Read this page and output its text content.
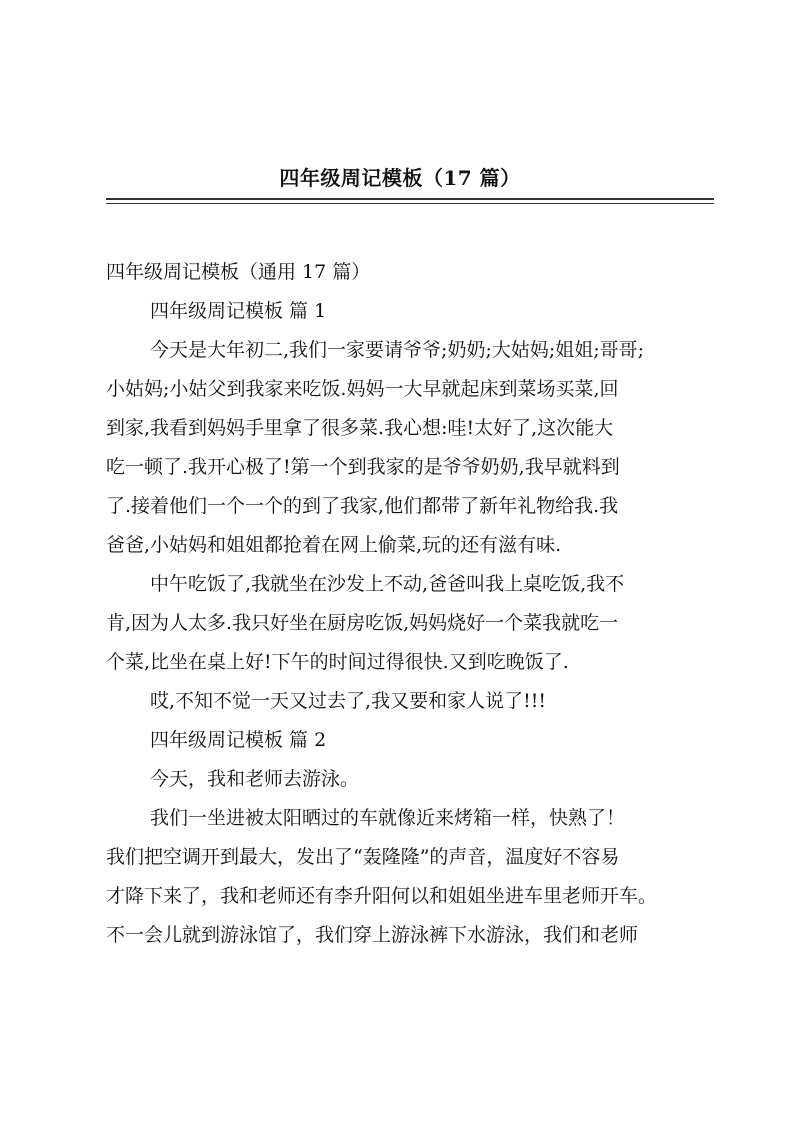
四年级周记模板（17 篇）
四年级周记模板（通用 17 篇）
四年级周记模板 篇 1
今天是大年初二,我们一家要请爷爷;奶奶;大姑妈;姐姐;哥哥;
小姑妈;小姑父到我家来吃饭.妈妈一大早就起床到菜场买菜,回
到家,我看到妈妈手里拿了很多菜.我心想:哇!太好了,这次能大
吃一顿了.我开心极了!第一个到我家的是爷爷奶奶,我早就料到
了.接着他们一个一个的到了我家,他们都带了新年礼物给我.我
爸爸,小姑妈和姐姐都抢着在网上偷菜,玩的还有滋有味.
中午吃饭了,我就坐在沙发上不动,爸爸叫我上桌吃饭,我不
肯,因为人太多.我只好坐在厨房吃饭,妈妈烧好一个菜我就吃一
个菜,比坐在桌上好!下午的时间过得很快.又到吃晚饭了.
哎,不知不觉一天又过去了,我又要和家人说了!!!
四年级周记模板 篇 2
今天，我和老师去游泳。
我们一坐进被太阳晒过的车就像近来烤箱一样，快熟了！
我们把空调开到最大，发出了“轰隆隆”的声音，温度好不容易
才降下来了，我和老师还有李升阳何以和姐姐坐进车里老师开车。
不一会儿就到游泳馆了，我们穿上游泳裤下水游泳，我们和老师
